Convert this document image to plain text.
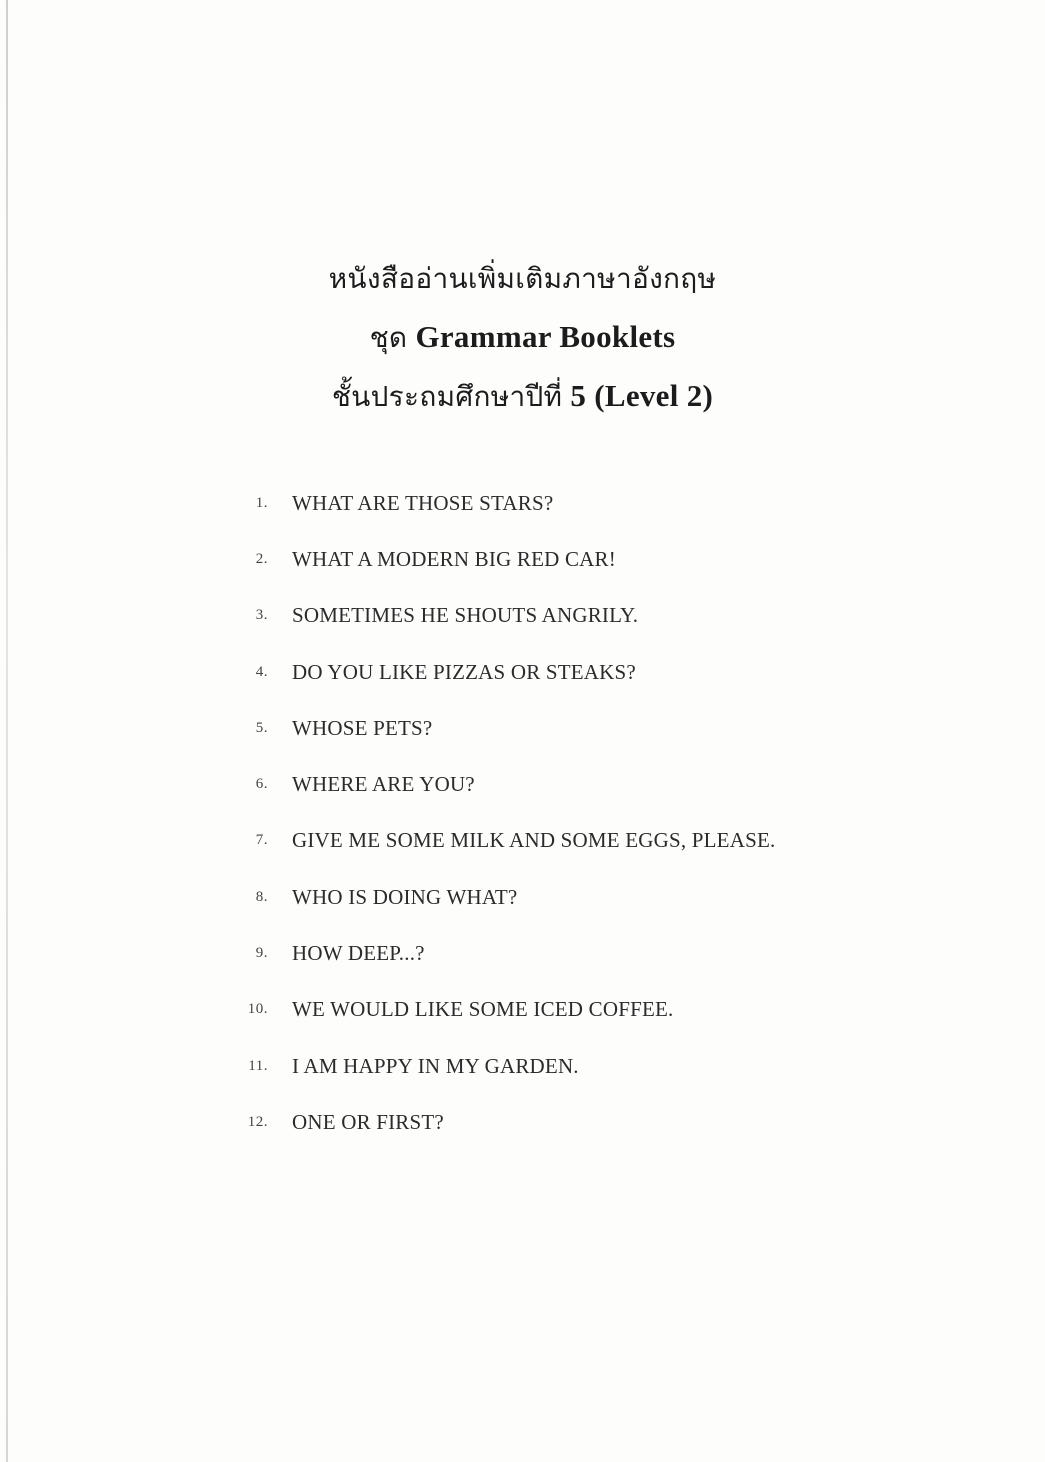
หนังสืออ่านเพิ่มเติมภาษาอังกฤษ
ชุด Grammar Booklets
ชั้นประถมศึกษาปีที่ 5 (Level 2)
1. WHAT ARE THOSE STARS?
2. WHAT A MODERN BIG RED CAR!
3. SOMETIMES HE SHOUTS ANGRILY.
4. DO YOU LIKE PIZZAS OR STEAKS?
5. WHOSE PETS?
6. WHERE ARE YOU?
7. GIVE ME SOME MILK AND SOME EGGS, PLEASE.
8. WHO IS DOING WHAT?
9. HOW DEEP...?
10. WE WOULD LIKE SOME ICED COFFEE.
11. I AM HAPPY IN MY GARDEN.
12. ONE OR FIRST?
